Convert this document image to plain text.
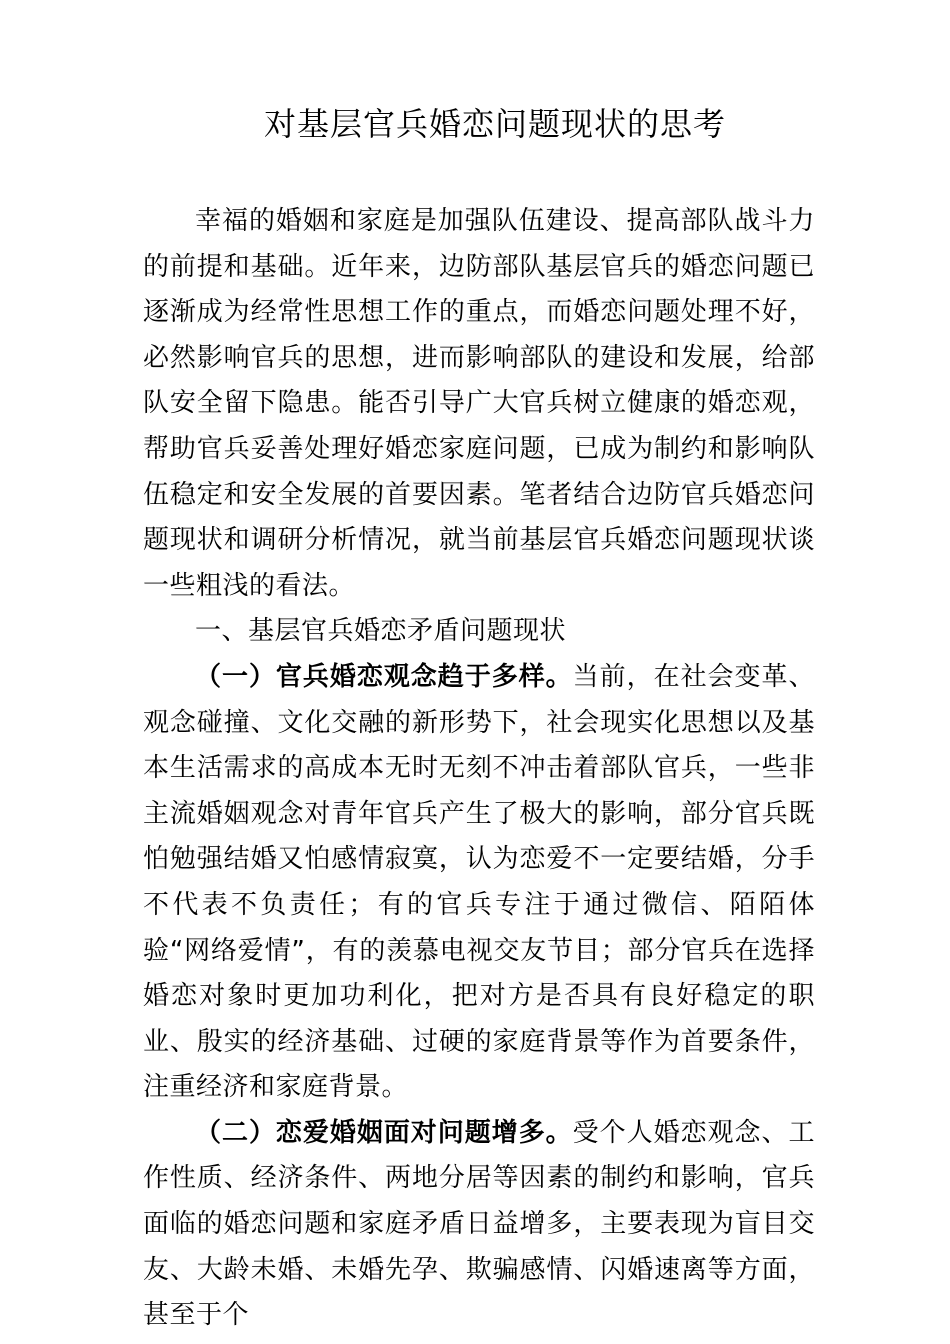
对基层官兵婚恋问题现状的思考

幸福的婚姻和家庭是加强队伍建设、提高部队战斗力的前提和基础。近年来，边防部队基层官兵的婚恋问题已逐渐成为经常性思想工作的重点，而婚恋问题处理不好，必然影响官兵的思想，进而影响部队的建设和发展，给部队安全留下隐患。能否引导广大官兵树立健康的婚恋观，帮助官兵妥善处理好婚恋家庭问题，已成为制约和影响队伍稳定和安全发展的首要因素。笔者结合边防官兵婚恋问题现状和调研分析情况，就当前基层官兵婚恋问题现状谈一些粗浅的看法。

一、基层官兵婚恋矛盾问题现状

（一）官兵婚恋观念趋于多样。当前，在社会变革、观念碰撞、文化交融的新形势下，社会现实化思想以及基本生活需求的高成本无时无刻不冲击着部队官兵，一些非主流婚姻观念对青年官兵产生了极大的影响，部分官兵既怕勉强结婚又怕感情寂寞，认为恋爱不一定要结婚，分手不代表不负责任；有的官兵专注于通过微信、陌陌体验“网络爱情”，有的羡慕电视交友节目；部分官兵在选择婚恋对象时更加功利化，把对方是否具有良好稳定的职业、殷实的经济基础、过硬的家庭背景等作为首要条件，注重经济和家庭背景。

（二）恋爱婚姻面对问题增多。受个人婚恋观念、工作性质、经济条件、两地分居等因素的制约和影响，官兵面临的婚恋问题和家庭矛盾日益增多，主要表现为盲目交友、大龄未婚、未婚先孕、欺骗感情、闪婚速离等方面，甚至于个
